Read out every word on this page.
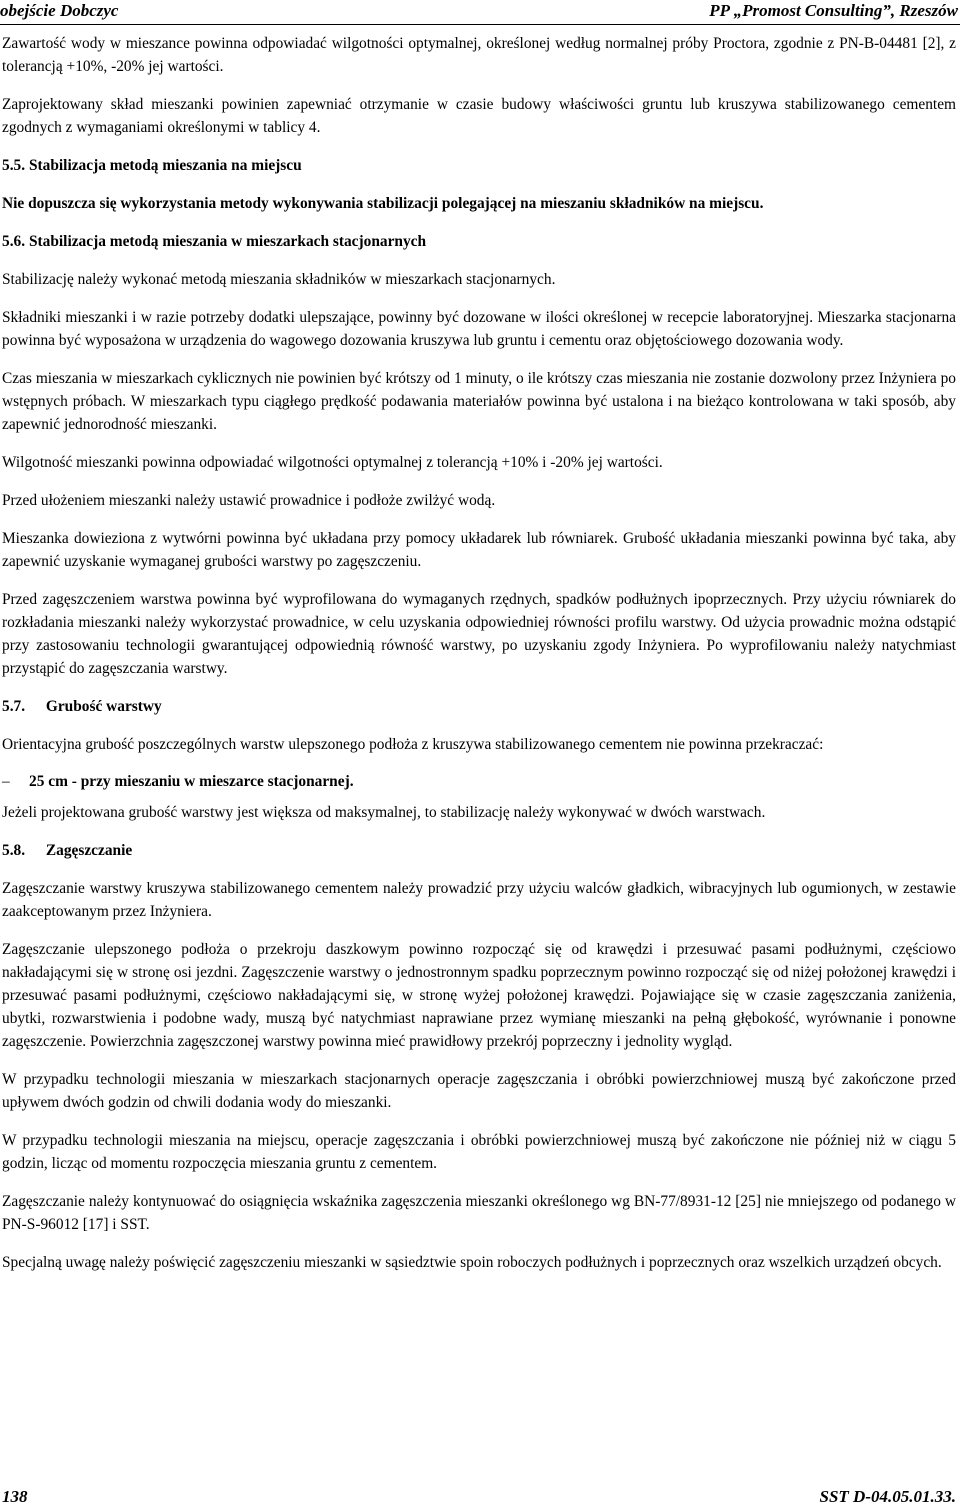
obejście Dobczyc	PP „Promost Consulting”, Rzeszów

Zawartość wody w mieszance powinna odpowiadać wilgotności optymalnej, określonej według normalnej próby Proctora, zgodnie z PN-B-04481 [2], z tolerancją +10%, -20% jej wartości.

Zaprojektowany skład mieszanki powinien zapewniać otrzymanie w czasie budowy właściwości gruntu lub kruszywa stabilizowanego cementem zgodnych z wymaganiami określonymi w tablicy 4.

5.5. Stabilizacja metodą mieszania na miejscu

Nie dopuszcza się wykorzystania metody wykonywania stabilizacji polegającej na mieszaniu składników na miejscu.

5.6. Stabilizacja metodą mieszania w mieszarkach stacjonarnych

Stabilizację należy wykonać metodą mieszania składników w mieszarkach stacjonarnych.

Składniki mieszanki i w razie potrzeby dodatki ulepszające, powinny być dozowane w ilości określonej w recepcie laboratoryjnej. Mieszarka stacjonarna powinna być wyposażona w urządzenia do wagowego dozowania kruszywa lub gruntu i cementu oraz objętościowego dozowania wody.

Czas mieszania w mieszarkach cyklicznych nie powinien być krótszy od 1 minuty, o ile krótszy czas mieszania nie zostanie dozwolony przez Inżyniera po wstępnych próbach. W mieszarkach typu ciągłego prędkość podawania materiałów powinna być ustalona i na bieżąco kontrolowana w taki sposób, aby zapewnić jednorodność mieszanki.

Wilgotność mieszanki powinna odpowiadać wilgotności optymalnej z tolerancją +10% i -20% jej wartości.

Przed ułożeniem mieszanki należy ustawić prowadnice i podłoże zwilżyć wodą.

Mieszanka dowieziona z wytwórni powinna być układana przy pomocy układarek lub równiarek. Grubość układania mieszanki powinna być taka, aby zapewnić uzyskanie wymaganej grubości warstwy po zagęszczeniu.

Przed zagęszczeniem warstwa powinna być wyprofilowana do wymaganych rzędnych, spadków podłużnych ipoprzecznych. Przy użyciu równiarek do rozkładania mieszanki należy wykorzystać prowadnice, w celu uzyskania odpowiedniej równości profilu warstwy. Od użycia prowadnic można odstąpić przy zastosowaniu technologii gwarantującej odpowiednią równość warstwy, po uzyskaniu zgody Inżyniera. Po wyprofilowaniu należy natychmiast przystąpić do zagęszczania warstwy.

5.7. Grubość warstwy

Orientacyjna grubość poszczególnych warstw ulepszonego podłoża z kruszywa stabilizowanego cementem nie powinna przekraczać:

–	25 cm - przy mieszaniu w mieszarce stacjonarnej.

Jeżeli projektowana grubość warstwy jest większa od maksymalnej, to stabilizację należy wykonywać w dwóch warstwach.

5.8. Zagęszczanie

Zagęszczanie warstwy kruszywa stabilizowanego cementem należy prowadzić przy użyciu walców gładkich, wibracyjnych lub ogumionych, w zestawie zaakceptowanym przez Inżyniera.

Zagęszczanie ulepszonego podłoża o przekroju daszkowym powinno rozpocząć się od krawędzi i przesuwać pasami podłużnymi, częściowo nakładającymi się w stronę osi jezdni. Zagęszczenie warstwy o jednostronnym spadku poprzecznym powinno rozpocząć się od niżej położonej krawędzi i przesuwać pasami podłużnymi, częściowo nakładającymi się, w stronę wyżej położonej krawędzi. Pojawiające się w czasie zagęszczania zaniżenia, ubytki, rozwarstwienia i podobne wady, muszą być natychmiast naprawiane przez wymianę mieszanki na pełną głębokość, wyrównanie i ponowne zagęszczenie. Powierzchnia zagęszczonej warstwy powinna mieć prawidłowy przekrój poprzeczny i jednolity wygląd.

W przypadku technologii mieszania w mieszarkach stacjonarnych operacje zagęszczania i obróbki powierzchniowej muszą być zakończone przed upływem dwóch godzin od chwili dodania wody do mieszanki.

W przypadku technologii mieszania na miejscu, operacje zagęszczania i obróbki powierzchniowej muszą być zakończone nie później niż w ciągu 5 godzin, licząc od momentu rozpoczęcia mieszania gruntu z cementem.

Zagęszczanie należy kontynuować do osiągnięcia wskaźnika zagęszczenia mieszanki określonego wg BN-77/8931-12 [25] nie mniejszego od podanego w PN-S-96012 [17] i SST.

Specjalną uwagę należy poświęcić zagęszczeniu mieszanki w sąsiedztwie spoin roboczych podłużnych i poprzecznych oraz wszelkich urządzeń obcych.

138	SST D-04.05.01.33.
